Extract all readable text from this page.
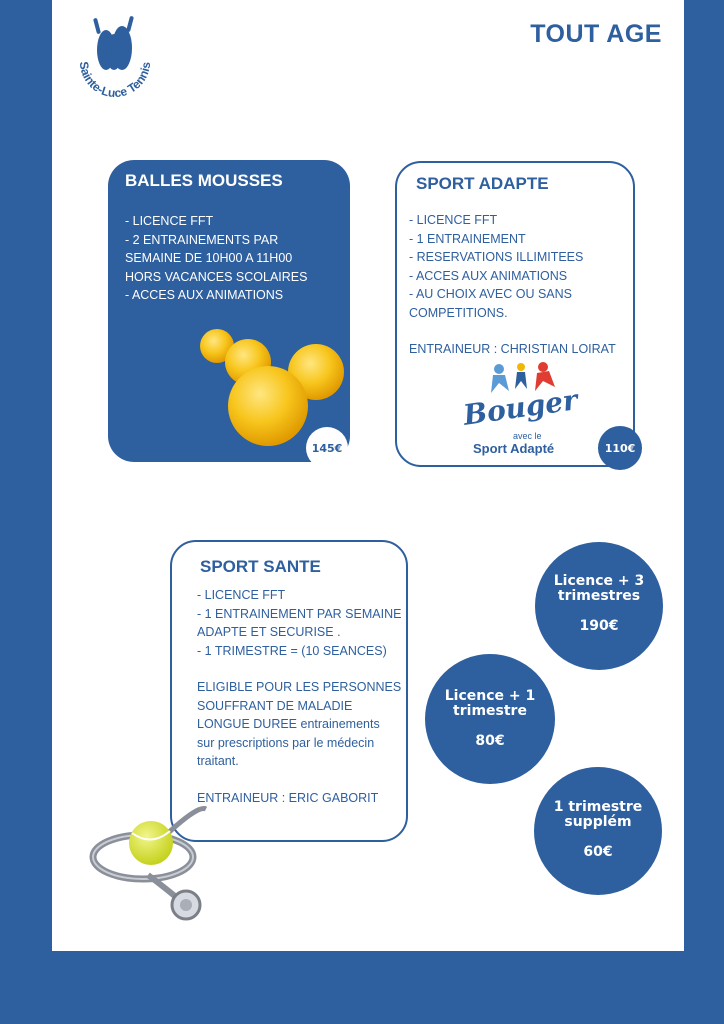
Sainte-Luce Tennis
TOUT AGE
BALLES MOUSSES
- LICENCE FFT
- 2 ENTRAINEMENTS PAR
SEMAINE DE 10H00 A 11H00
HORS VACANCES SCOLAIRES
- ACCES AUX ANIMATIONS
145€
SPORT ADAPTE
- LICENCE FFT
- 1 ENTRAINEMENT
- RESERVATIONS ILLIMITEES
- ACCES AUX ANIMATIONS
- AU CHOIX AVEC OU SANS
COMPETITIONS.
ENTRAINEUR : CHRISTIAN LOIRAT
Bouger
avec le
Sport Adapté	110€
SPORT SANTE
- LICENCE FFT
- 1 ENTRAINEMENT PAR SEMAINE
ADAPTE ET SECURISE .
- 1 TRIMESTRE = (10 SEANCES)
ELIGIBLE POUR LES PERSONNES
SOUFFRANT DE MALADIE
LONGUE DUREE entrainements
sur prescriptions par le médecin
traitant.
ENTRAINEUR : ERIC GABORIT
Licence + 3
trimestres
190€
Licence + 1
trimestre
80€
1 trimestre
supplém
60€
